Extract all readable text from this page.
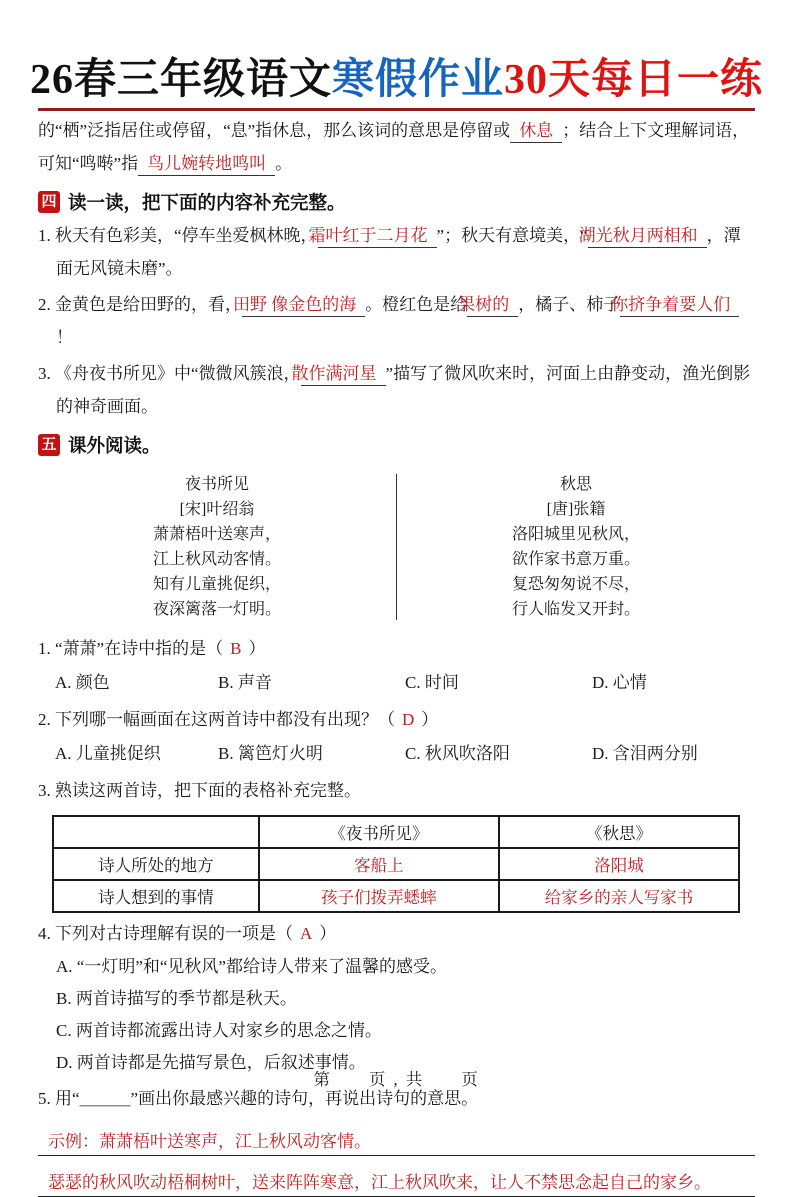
26春三年级语文寒假作业30天每日一练
的“栖”泛指居住或停留，“息”指休息，那么该词的意思是停留或 休息 ；结合上下文理解词语，
可知“鸣啭”指 鸟儿婉转地鸣叫 。
四 读一读，把下面的内容补充完整。
1. 秋天有色彩美，“停车坐爱枫林晚，霜叶红于二月花 ”；秋天有意境美，“湖光秋月两相和 ，潭面无风镜未磨”。
2. 金黄色是给田野的，看，田野 像金色的海 。橙红色是给果树的 ，橘子、柿子你挤争着要人们！
3. 《舟夜书所见》中“微微风簇浪，散作满河星 ”描写了微风吹来时，河面上由静变动，渔光倒影的神奇画面。
五 课外阅读。
夜书所见
[宋]叶绍翁
萧萧梧叶送寒声，
江上秋风动客情。
知有儿童挑促织，
夜深篱落一灯明。
秋思
[唐]张籍
洛阳城里见秋风，
欲作家书意万重。
复恐匆匆说不尽，
行人临发又开封。
1. “萧萧”在诗中指的是（ B ）
A. 颜色	B. 声音	C. 时间	D. 心情
2. 下列哪一幅画面在这两首诗中都没有出现？（ D ）
A. 儿童挑促织	B. 篱笆灯火明	C. 秋风吹洛阳	D. 含泪两分别
3. 熟读这两首诗，把下面的表格补充完整。
	《夜书所见》	《秋思》
诗人所处的地方	客船上	洛阳城
诗人想到的事情	孩子们拨弄蟋蟀	给家乡的亲人写家书
4. 下列对古诗理解有误的一项是（ A ）
A. “一灯明”和“见秋风”都给诗人带来了温馨的感受。
B. 两首诗描写的季节都是秋天。
C. 两首诗都流露出诗人对家乡的思念之情。
D. 两首诗都是先描写景色，后叙述事情。
5. 用“＿＿＿”画出你最感兴趣的诗句，再说出诗句的意思。
示例：萧萧梧叶送寒声，江上秋风动客情。
瑟瑟的秋风吹动梧桐树叶，送来阵阵寒意，江上秋风吹来，让人不禁思念起自己的家乡。
第　　页 , 共　　页
